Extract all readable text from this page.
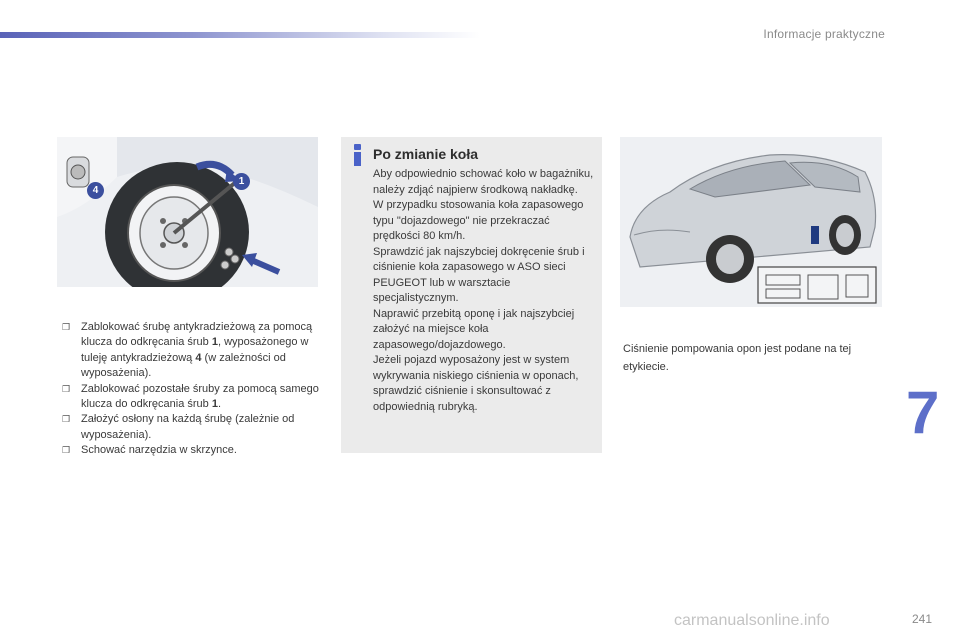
Informacje praktyczne
1
4
❒ Zablokować śrubę antykradzieżową za pomocą klucza do odkręcania śrub 1, wyposażonego w tuleję antykradzieżową 4 (w zależności od wyposażenia).
❒ Zablokować pozostałe śruby za pomocą samego klucza do odkręcania śrub 1.
❒ Założyć osłony na każdą śrubę (zależnie od wyposażenia).
❒ Schować narzędzia w skrzynce.
Po zmianie koła

Aby odpowiednio schować koło w bagażniku, należy zdjąć najpierw środkową nakładkę.

W przypadku stosowania koła zapasowego typu "dojazdowego" nie przekraczać prędkości 80 km/h.

Sprawdzić jak najszybciej dokręcenie śrub i ciśnienie koła zapasowego w ASO sieci PEUGEOT lub w warsztacie specjalistycznym.

Naprawić przebitą oponę i jak najszybciej założyć na miejsce koła zapasowego/dojazdowego.

Jeżeli pojazd wyposażony jest w system wykrywania niskiego ciśnienia w oponach, sprawdzić ciśnienie i skonsultować z odpowiednią rubryką.

Ciśnienie pompowania opon jest podane na tej etykiecie.
7
carmanualsonline.info	241
